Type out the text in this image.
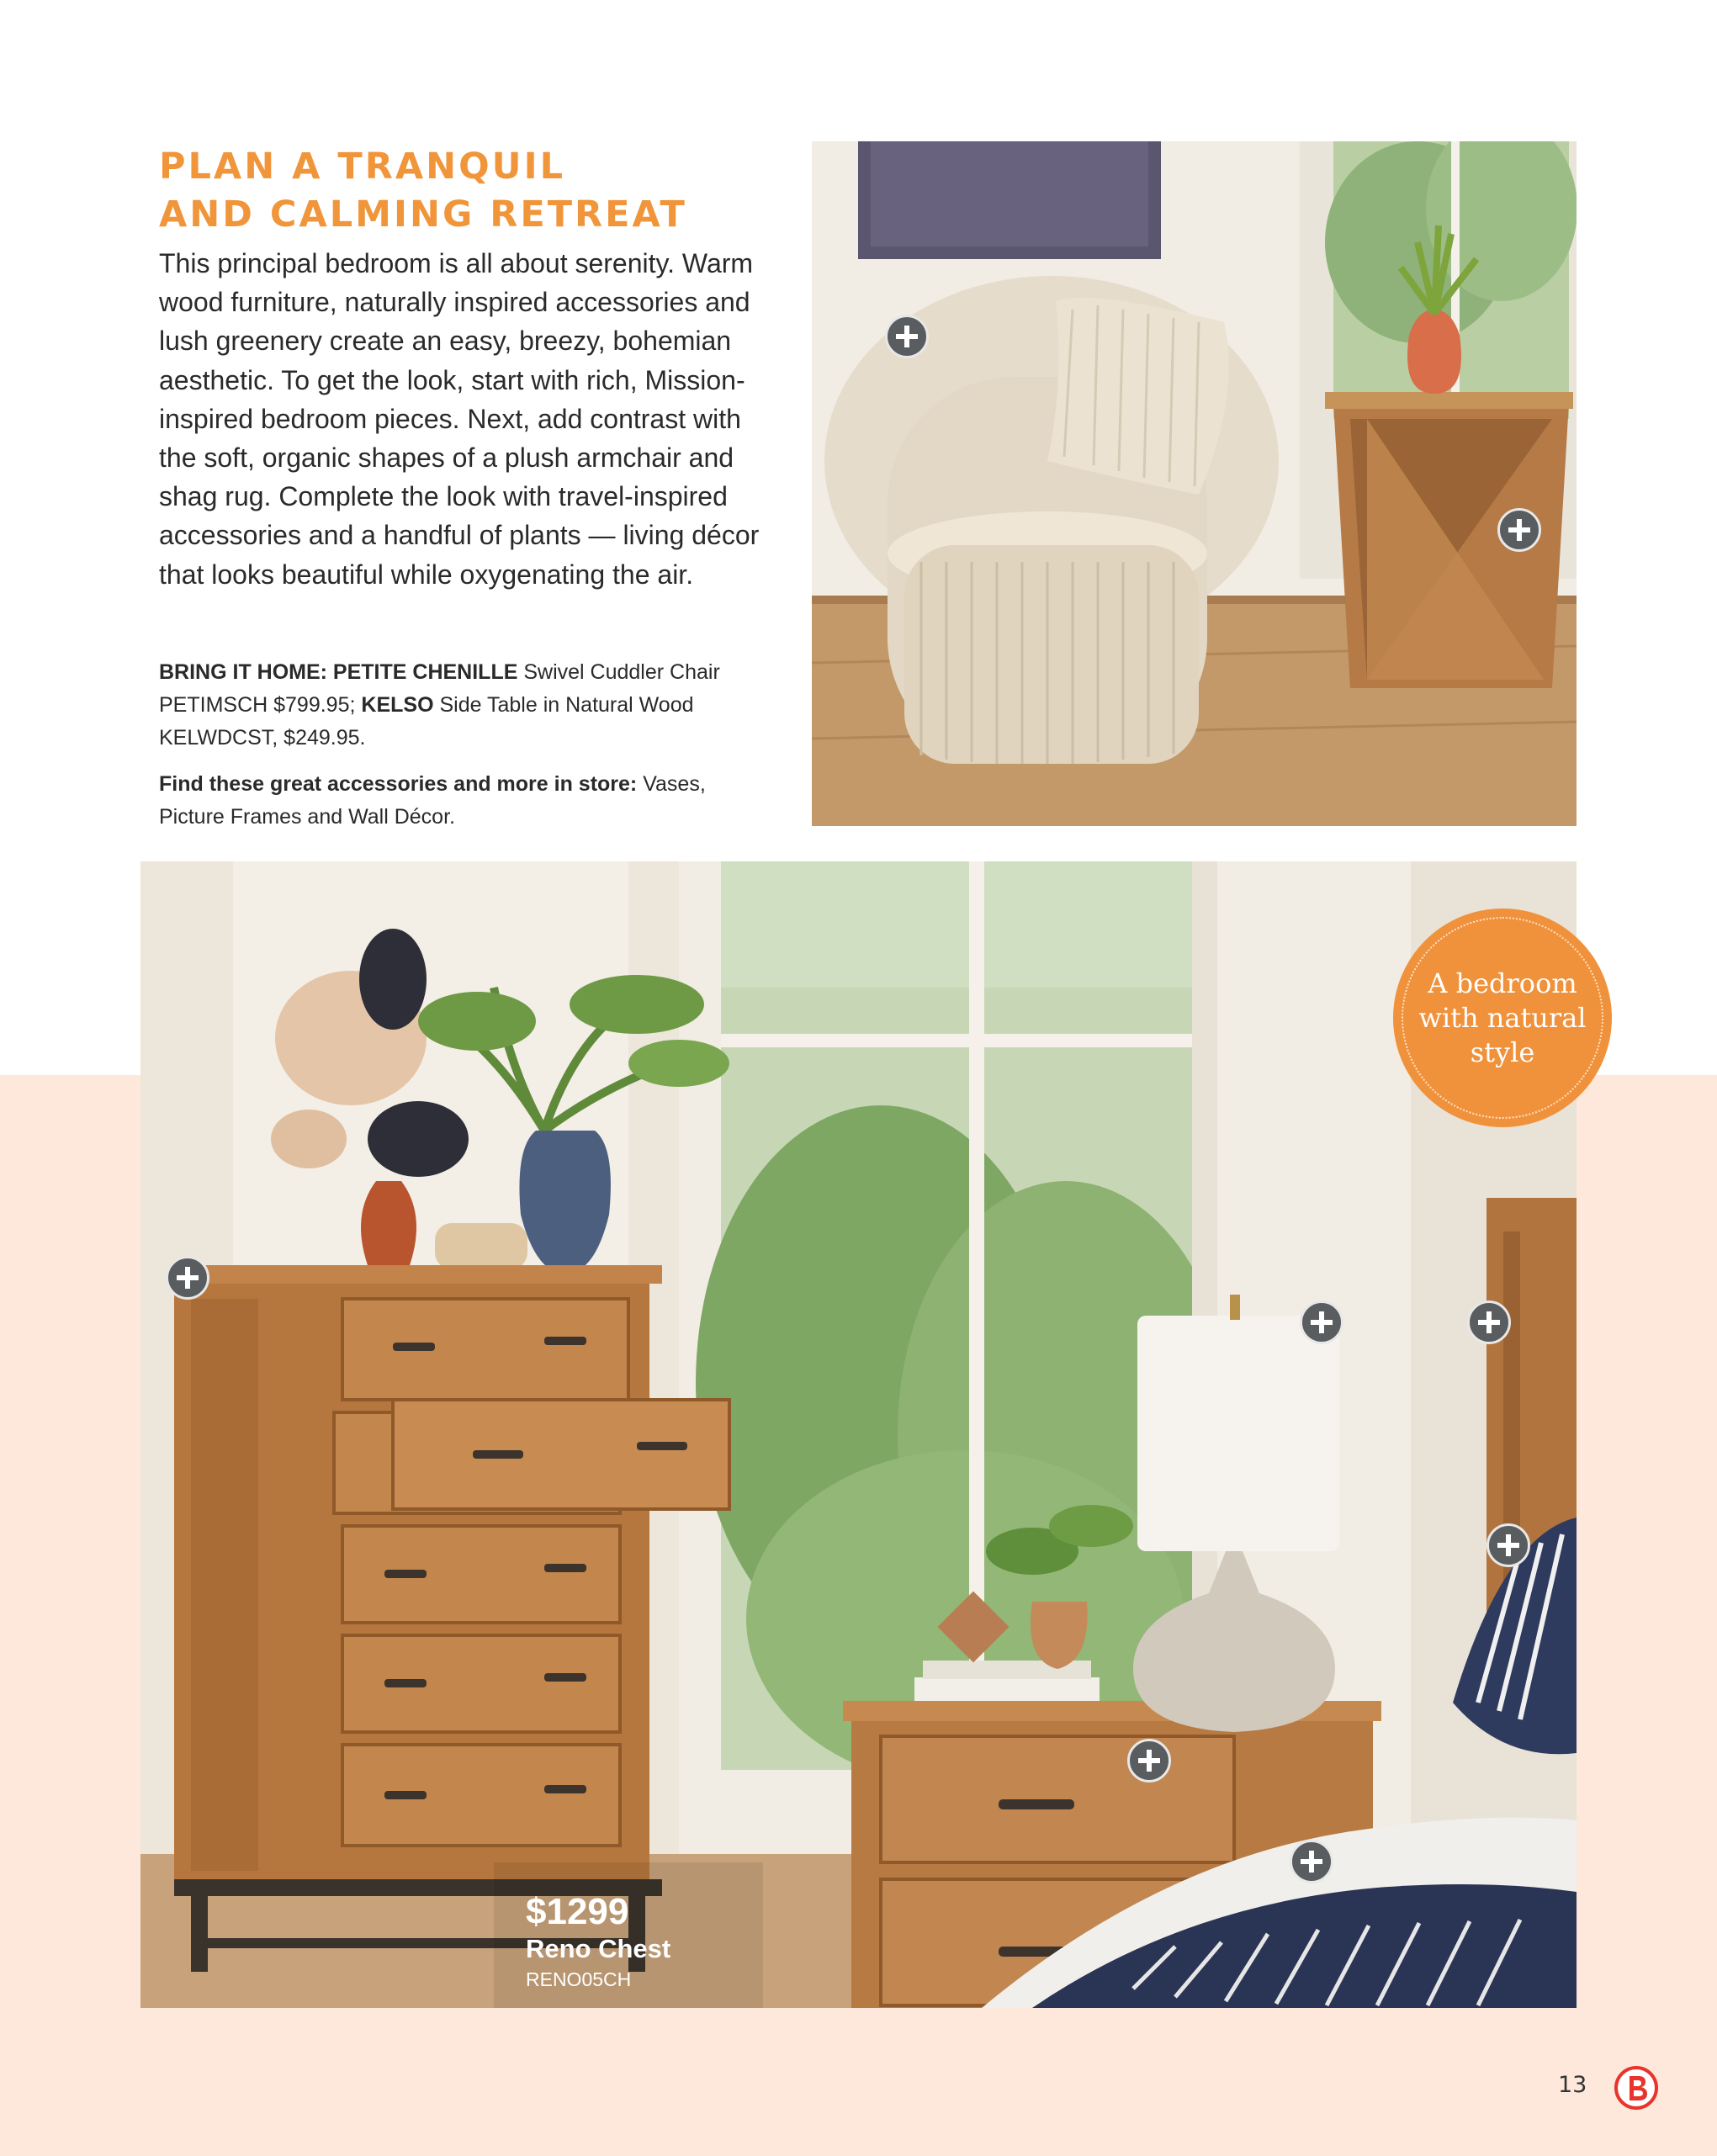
PLAN A TRANQUIL
AND CALMING RETREAT

This principal bedroom is all about serenity. Warm wood furniture, naturally inspired accessories and lush greenery create an easy, breezy, bohemian aesthetic. To get the look, start with rich, Mission-inspired bedroom pieces. Next, add contrast with the soft, organic shapes of a plush armchair and shag rug. Complete the look with travel-inspired accessories and a handful of plants — living décor that looks beautiful while oxygenating the air.

BRING IT HOME: PETITE CHENILLE Swivel Cuddler Chair PETIMSCH $799.95; KELSO Side Table in Natural Wood KELWDCST, $249.95.

Find these great accessories and more in store: Vases, Picture Frames and Wall Décor.

$1299
Reno Chest
RENO05CH
A bedroom with natural style
13
